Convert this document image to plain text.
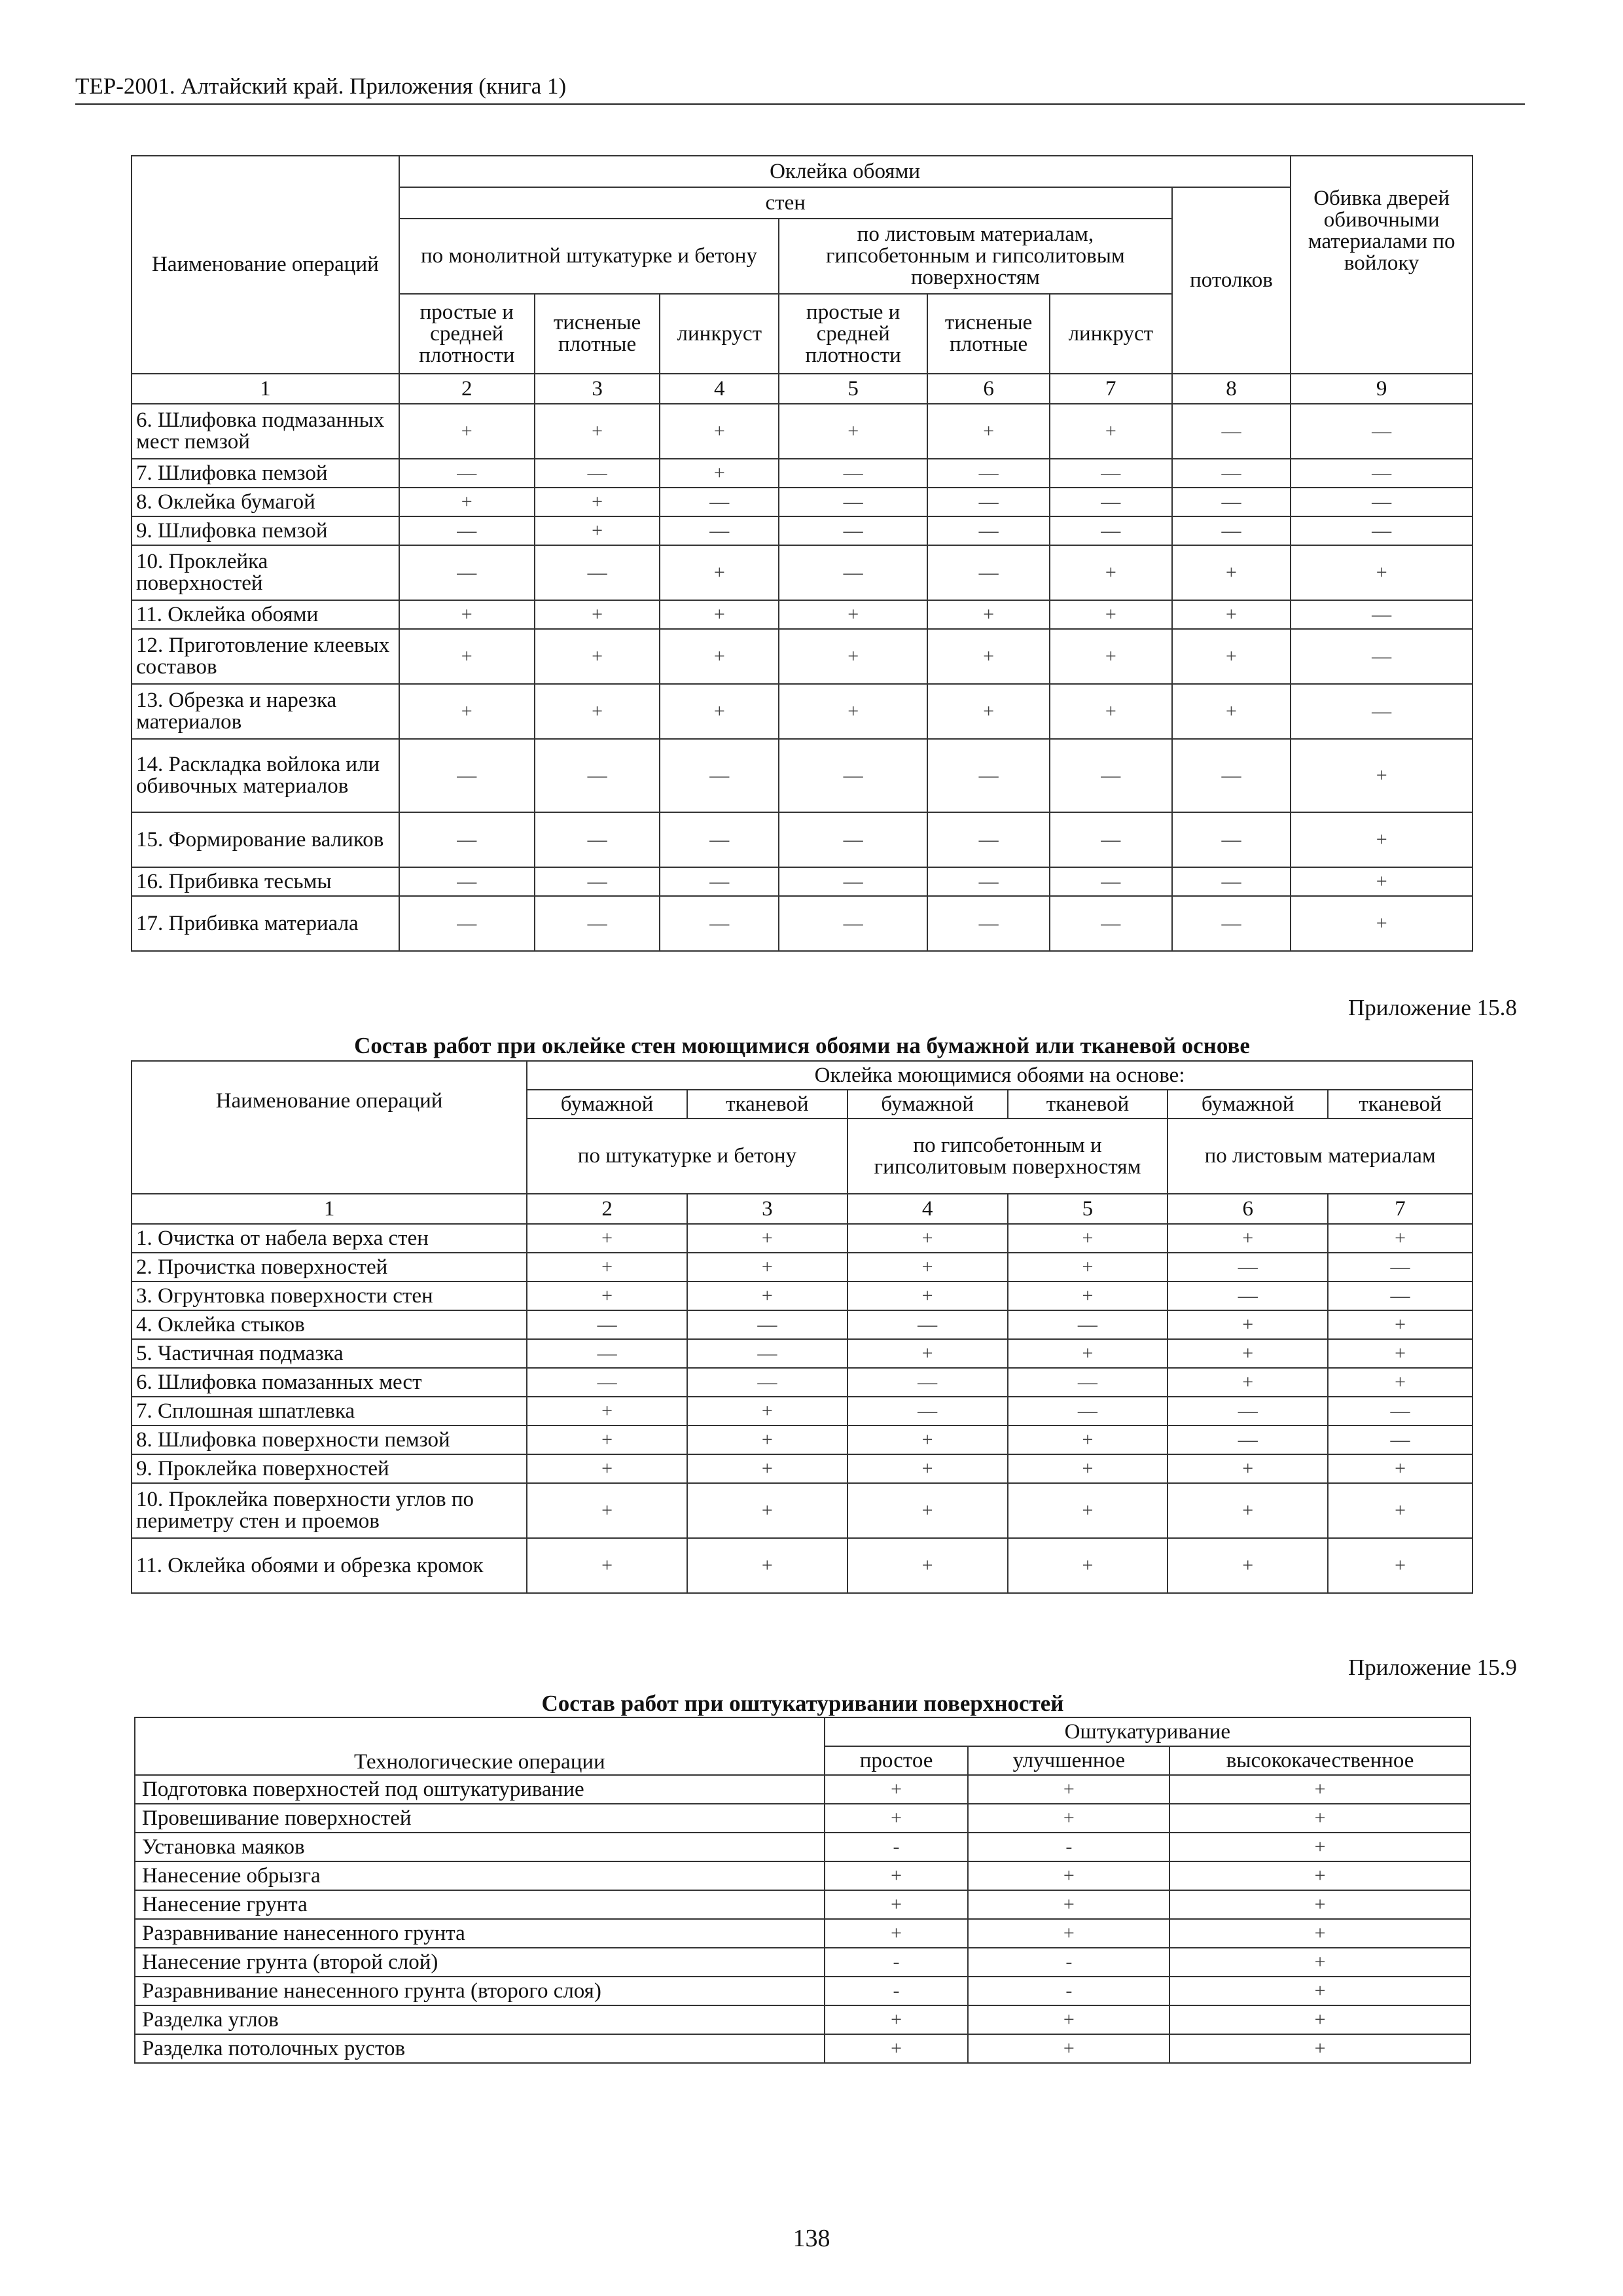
ТЕР-2001. Алтайский край. Приложения (книга 1)
Наименование операций	Оклейка обоями							Обивка дверей обивочными материалами по войлоку
	стен						потолков	
	по монолитной штукатурке и бетону			по листовым материалам, гипсобетонным и гипсолитовым поверхностям				
	простые и средней плотности	тисненые плотные	линкруст	простые и средней плотности	тисненые плотные	линкруст		
1	2	3	4	5	6	7	8	9
6. Шлифовка подмазанных мест пемзой	+	+	+	+	+	+	—	—
7. Шлифовка пемзой	—	—	+	—	—	—	—	—
8. Оклейка бумагой	+	+	—	—	—	—	—	—
9. Шлифовка пемзой	—	+	—	—	—	—	—	—
10. Проклейка поверхностей	—	—	+	—	—	+	+	+
11. Оклейка обоями	+	+	+	+	+	+	+	—
12. Приготовление клеевых составов	+	+	+	+	+	+	+	—
13. Обрезка и нарезка материалов	+	+	+	+	+	+	+	—
14. Раскладка войлока или обивочных материалов	—	—	—	—	—	—	—	+
15. Формирование валиков	—	—	—	—	—	—	—	+
16. Прибивка тесьмы	—	—	—	—	—	—	—	+
17. Прибивка материала	—	—	—	—	—	—	—	+
Приложение 15.8
Состав работ при оклейке стен моющимися обоями на бумажной или тканевой основе
Наименование операций	Оклейка моющимися обоями на основе:					
	бумажной	тканевой	бумажной	тканевой	бумажной	тканевой
	по штукатурке и бетону		по гипсобетонным и гипсолитовым поверхностям		по листовым материалам	
1	2	3	4	5	6	7
1. Очистка от набела верха стен	+	+	+	+	+	+
2. Прочистка поверхностей	+	+	+	+	—	—
3. Огрунтовка поверхности стен	+	+	+	+	—	—
4. Оклейка стыков	—	—	—	—	+	+
5. Частичная подмазка	—	—	+	+	+	+
6. Шлифовка помазанных мест	—	—	—	—	+	+
7. Сплошная шпатлевка	+	+	—	—	—	—
8. Шлифовка поверхности пемзой	+	+	+	+	—	—
9. Проклейка поверхностей	+	+	+	+	+	+
10. Проклейка поверхности углов по периметру стен и проемов	+	+	+	+	+	+
11. Оклейка обоями и обрезка кромок	+	+	+	+	+	+
Приложение 15.9
Состав работ при оштукатуривании поверхностей
Технологические операции	Оштукатуривание		
	простое	улучшенное	высококачественное
Подготовка поверхностей под оштукатуривание	+	+	+
Провешивание поверхностей	+	+	+
Установка маяков	-	-	+
Нанесение обрызга	+	+	+
Нанесение грунта	+	+	+
Разравнивание нанесенного грунта	+	+	+
Нанесение грунта (второй слой)	-	-	+
Разравнивание нанесенного грунта (второго слоя)	-	-	+
Разделка углов	+	+	+
Разделка потолочных рустов	+	+	+
138
